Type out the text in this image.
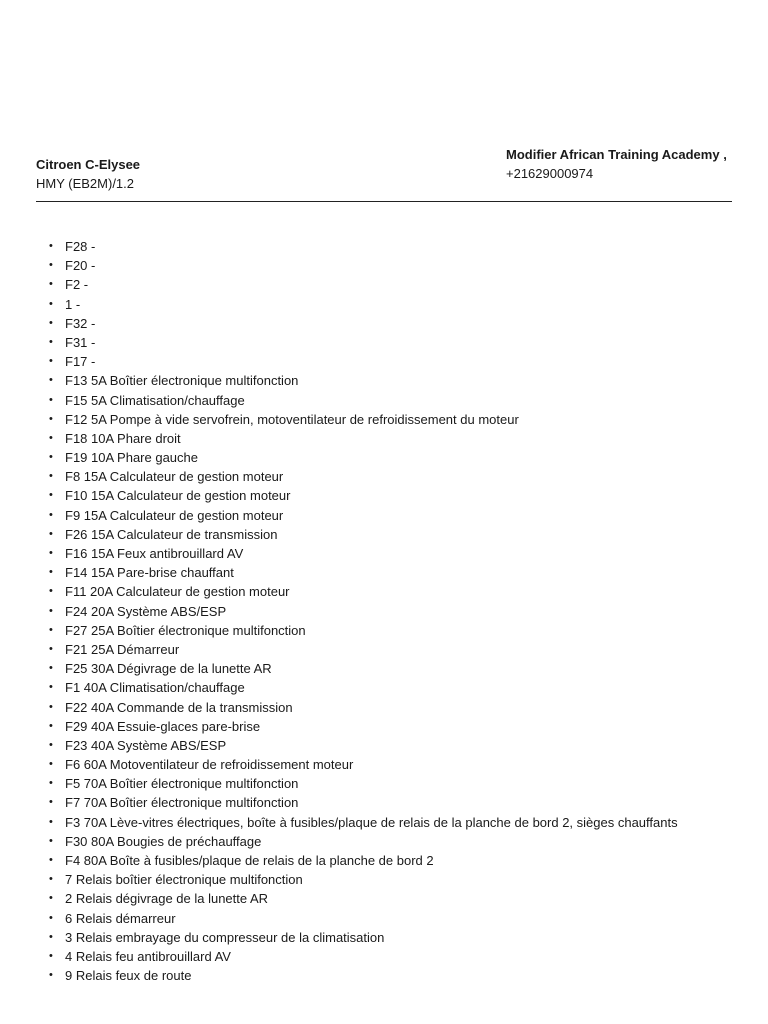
Citroen C-Elysee
HMY (EB2M)/1.2
Modifier African Training Academy ,
+21629000974
• F28 -
• F20 -
• F2 -
• 1 -
• F32 -
• F31 -
• F17 -
• F13 5A Boîtier électronique multifonction
• F15 5A Climatisation/chauffage
• F12 5A Pompe à vide servofrein, motoventilateur de refroidissement du moteur
• F18 10A Phare droit
• F19 10A Phare gauche
• F8 15A Calculateur de gestion moteur
• F10 15A Calculateur de gestion moteur
• F9 15A Calculateur de gestion moteur
• F26 15A Calculateur de transmission
• F16 15A Feux antibrouillard AV
• F14 15A Pare-brise chauffant
• F11 20A Calculateur de gestion moteur
• F24 20A Système ABS/ESP
• F27 25A Boîtier électronique multifonction
• F21 25A Démarreur
• F25 30A Dégivrage de la lunette AR
• F1 40A Climatisation/chauffage
• F22 40A Commande de la transmission
• F29 40A Essuie-glaces pare-brise
• F23 40A Système ABS/ESP
• F6 60A Motoventilateur de refroidissement moteur
• F5 70A Boîtier électronique multifonction
• F7 70A Boîtier électronique multifonction
• F3 70A Lève-vitres électriques, boîte à fusibles/plaque de relais de la planche de bord 2, sièges chauffants
• F30 80A Bougies de préchauffage
• F4 80A Boîte à fusibles/plaque de relais de la planche de bord 2
• 7 Relais boîtier électronique multifonction
• 2 Relais dégivrage de la lunette AR
• 6 Relais démarreur
• 3 Relais embrayage du compresseur de la climatisation
• 4 Relais feu antibrouillard AV
• 9 Relais feux de route
